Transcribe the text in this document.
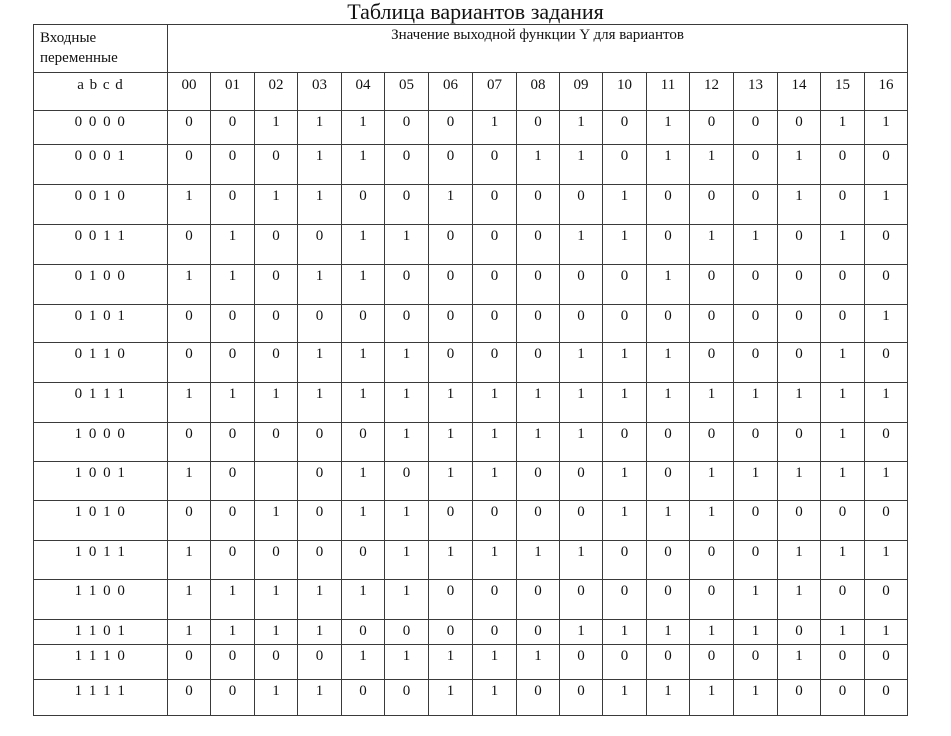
Таблица вариантов задания
Входные переменные	Значение выходной функции Y для вариантов																
a b c d	00	01	02	03	04	05	06	07	08	09	10	11	12	13	14	15	16
0 0 0 0	0	0	1	1	1	0	0	1	0	1	0	1	0	0	0	1	1
0 0 0 1	0	0	0	1	1	0	0	0	1	1	0	1	1	0	1	0	0
0 0 1 0	1	0	1	1	0	0	1	0	0	0	1	0	0	0	1	0	1
0 0 1 1	0	1	0	0	1	1	0	0	0	1	1	0	1	1	0	1	0
0 1 0 0	1	1	0	1	1	0	0	0	0	0	0	1	0	0	0	0	0
0 1 0 1	0	0	0	0	0	0	0	0	0	0	0	0	0	0	0	0	1
0 1 1 0	0	0	0	1	1	1	0	0	0	1	1	1	0	0	0	1	0
0 1 1 1	1	1	1	1	1	1	1	1	1	1	1	1	1	1	1	1	1
1 0 0 0	0	0	0	0	0	1	1	1	1	1	0	0	0	0	0	1	0
1 0 0 1	1	0		0	1	0	1	1	0	0	1	0	1	1	1	1	1
1 0 1 0	0	0	1	0	1	1	0	0	0	0	1	1	1	0	0	0	0
1 0 1 1	1	0	0	0	0	1	1	1	1	1	0	0	0	0	1	1	1
1 1 0 0	1	1	1	1	1	1	0	0	0	0	0	0	0	1	1	0	0
1 1 0 1	1	1	1	1	0	0	0	0	0	1	1	1	1	1	0	1	1
1 1 1 0	0	0	0	0	1	1	1	1	1	0	0	0	0	0	1	0	0
1 1 1 1	0	0	1	1	0	0	1	1	0	0	1	1	1	1	0	0	0
